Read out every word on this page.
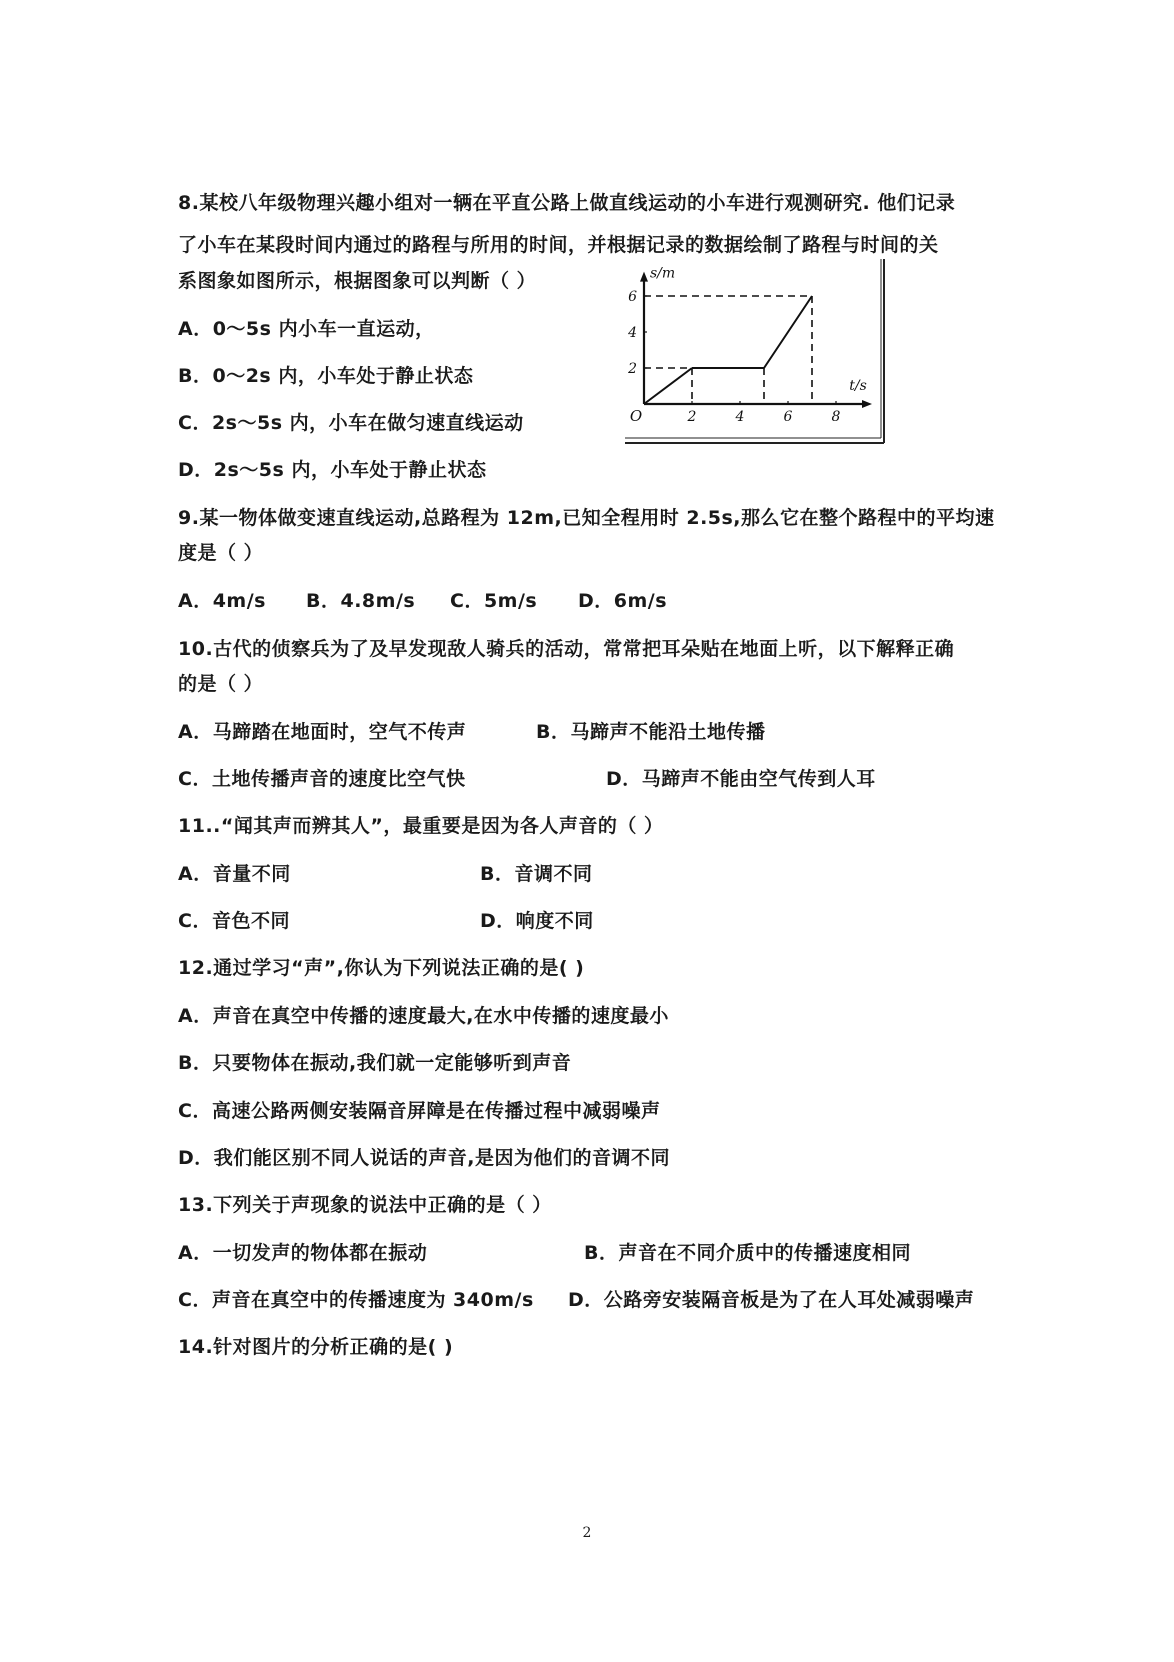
8.某校八年级物理兴趣小组对一辆在平直公路上做直线运动的小车进行观测研究. 他们记录
了小车在某段时间内通过的路程与所用的时间，并根据记录的数据绘制了路程与时间的关
系图象如图所示，根据图象可以判断（ ）
A．0～5s 内小车一直运动，
B．0～2s 内，小车处于静止状态
C．2s～5s 内，小车在做匀速直线运动
D．2s～5s 内，小车处于静止状态
2	4	6	8
2
4
6
t/s
s/m
O
9.某一物体做变速直线运动,总路程为 12m,已知全程用时 2.5s,那么它在整个路程中的平均速
度是（ ）
A．4m/s B．4.8m/s C．5m/s D．6m/s
10.古代的侦察兵为了及早发现敌人骑兵的活动，常常把耳朵贴在地面上听，以下解释正确
的是（ ）
A．马蹄踏在地面时，空气不传声	B．马蹄声不能沿土地传播
C．土地传播声音的速度比空气快	D．马蹄声不能由空气传到人耳
11..“闻其声而辨其人”，最重要是因为各人声音的（ ）
A．音量不同	B．音调不同
C．音色不同	D．响度不同
12.通过学习“声”,你认为下列说法正确的是( )
A．声音在真空中传播的速度最大,在水中传播的速度最小
B．只要物体在振动,我们就一定能够听到声音
C．高速公路两侧安装隔音屏障是在传播过程中减弱噪声
D．我们能区别不同人说话的声音,是因为他们的音调不同
13.下列关于声现象的说法中正确的是（ ）
A．一切发声的物体都在振动	B．声音在不同介质中的传播速度相同
C．声音在真空中的传播速度为 340m/s D．公路旁安装隔音板是为了在人耳处减弱噪声
14.针对图片的分析正确的是( )
2
